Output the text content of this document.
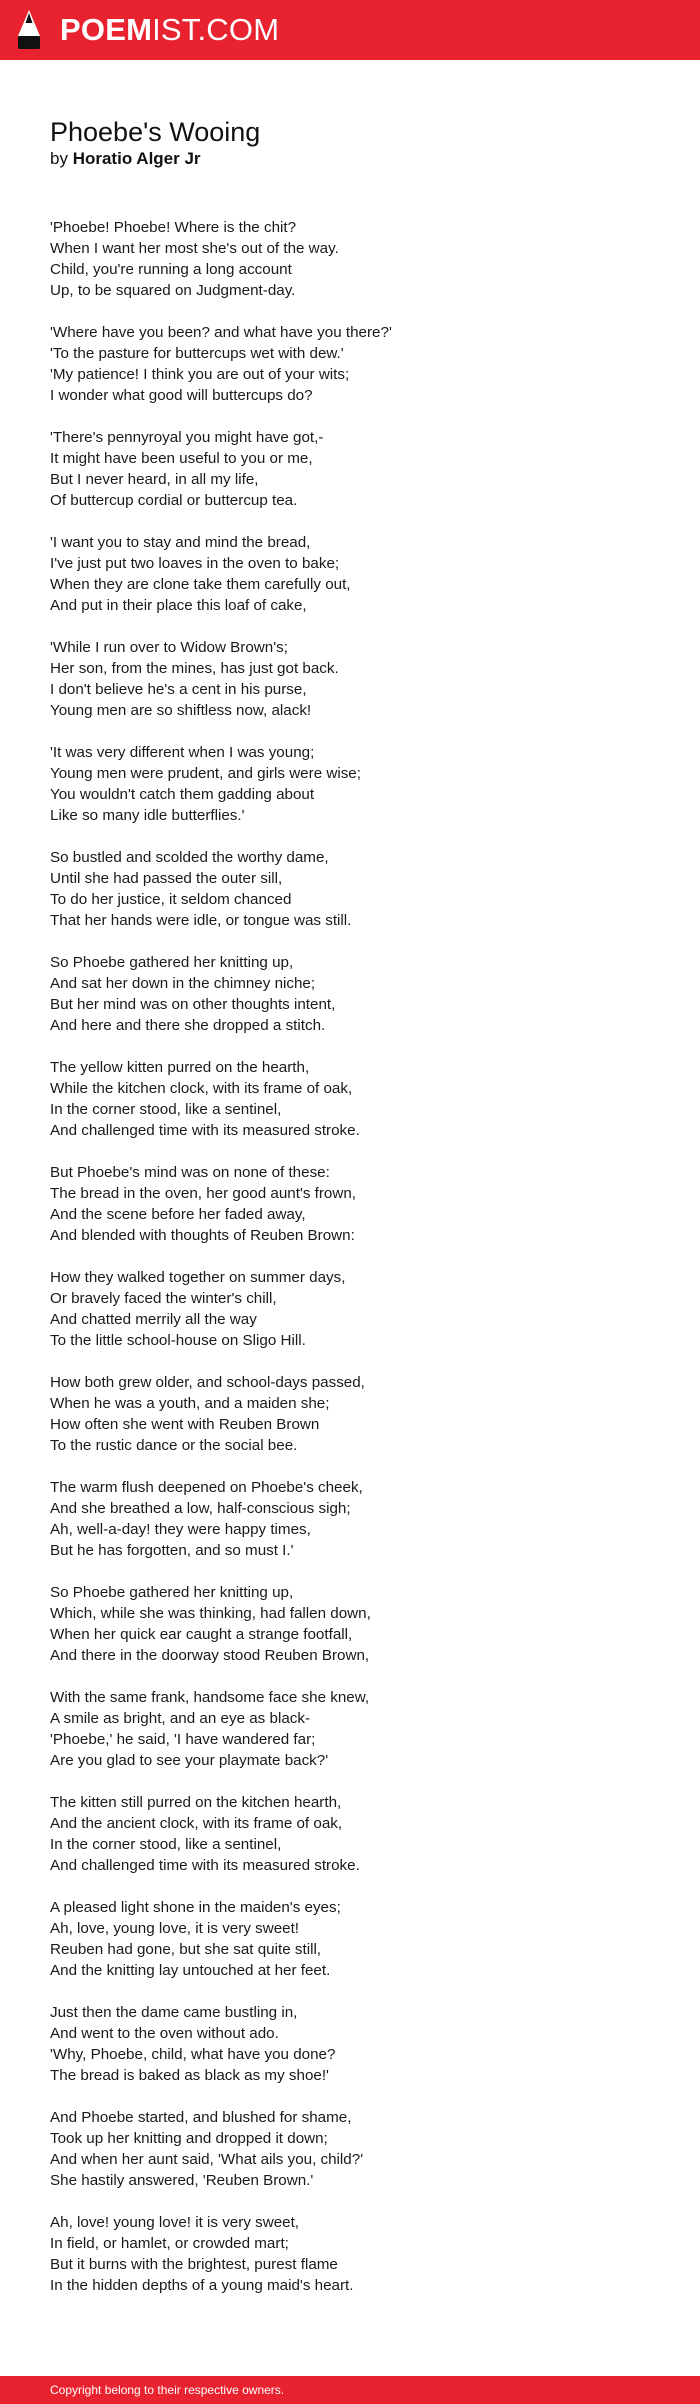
POEMIST.COM
Phoebe's Wooing
by Horatio Alger Jr
'Phoebe! Phoebe! Where is the chit?
When I want her most she's out of the way.
Child, you're running a long account
Up, to be squared on Judgment-day.
'Where have you been? and what have you there?'
'To the pasture for buttercups wet with dew.'
'My patience! I think you are out of your wits;
I wonder what good will buttercups do?
'There's pennyroyal you might have got,-
It might have been useful to you or me,
But I never heard, in all my life,
Of buttercup cordial or buttercup tea.
'I want you to stay and mind the bread,
I've just put two loaves in the oven to bake;
When they are clone take them carefully out,
And put in their place this loaf of cake,
'While I run over to Widow Brown's;
Her son, from the mines, has just got back.
I don't believe he's a cent in his purse,
Young men are so shiftless now, alack!
'It was very different when I was young;
Young men were prudent, and girls were wise;
You wouldn't catch them gadding about
Like so many idle butterflies.'
So bustled and scolded the worthy dame,
Until she had passed the outer sill,
To do her justice, it seldom chanced
That her hands were idle, or tongue was still.
So Phoebe gathered her knitting up,
And sat her down in the chimney niche;
But her mind was on other thoughts intent,
And here and there she dropped a stitch.
The yellow kitten purred on the hearth,
While the kitchen clock, with its frame of oak,
In the corner stood, like a sentinel,
And challenged time with its measured stroke.
But Phoebe's mind was on none of these:
The bread in the oven, her good aunt's frown,
And the scene before her faded away,
And blended with thoughts of Reuben Brown:
How they walked together on summer days,
Or bravely faced the winter's chill,
And chatted merrily all the way
To the little school-house on Sligo Hill.
How both grew older, and school-days passed,
When he was a youth, and a maiden she;
How often she went with Reuben Brown
To the rustic dance or the social bee.
The warm flush deepened on Phoebe's cheek,
And she breathed a low, half-conscious sigh;
Ah, well-a-day! they were happy times,
But he has forgotten, and so must I.'
So Phoebe gathered her knitting up,
Which, while she was thinking, had fallen down,
When her quick ear caught a strange footfall,
And there in the doorway stood Reuben Brown,
With the same frank, handsome face she knew,
A smile as bright, and an eye as black-
'Phoebe,' he said, 'I have wandered far;
Are you glad to see your playmate back?'
The kitten still purred on the kitchen hearth,
And the ancient clock, with its frame of oak,
In the corner stood, like a sentinel,
And challenged time with its measured stroke.
A pleased light shone in the maiden's eyes;
Ah, love, young love, it is very sweet!
Reuben had gone, but she sat quite still,
And the knitting lay untouched at her feet.
Just then the dame came bustling in,
And went to the oven without ado.
'Why, Phoebe, child, what have you done?
The bread is baked as black as my shoe!'
And Phoebe started, and blushed for shame,
Took up her knitting and dropped it down;
And when her aunt said, 'What ails you, child?'
She hastily answered, 'Reuben Brown.'
Ah, love! young love! it is very sweet,
In field, or hamlet, or crowded mart;
But it burns with the brightest, purest flame
In the hidden depths of a young maid's heart.
Copyright belong to their respective owners.
